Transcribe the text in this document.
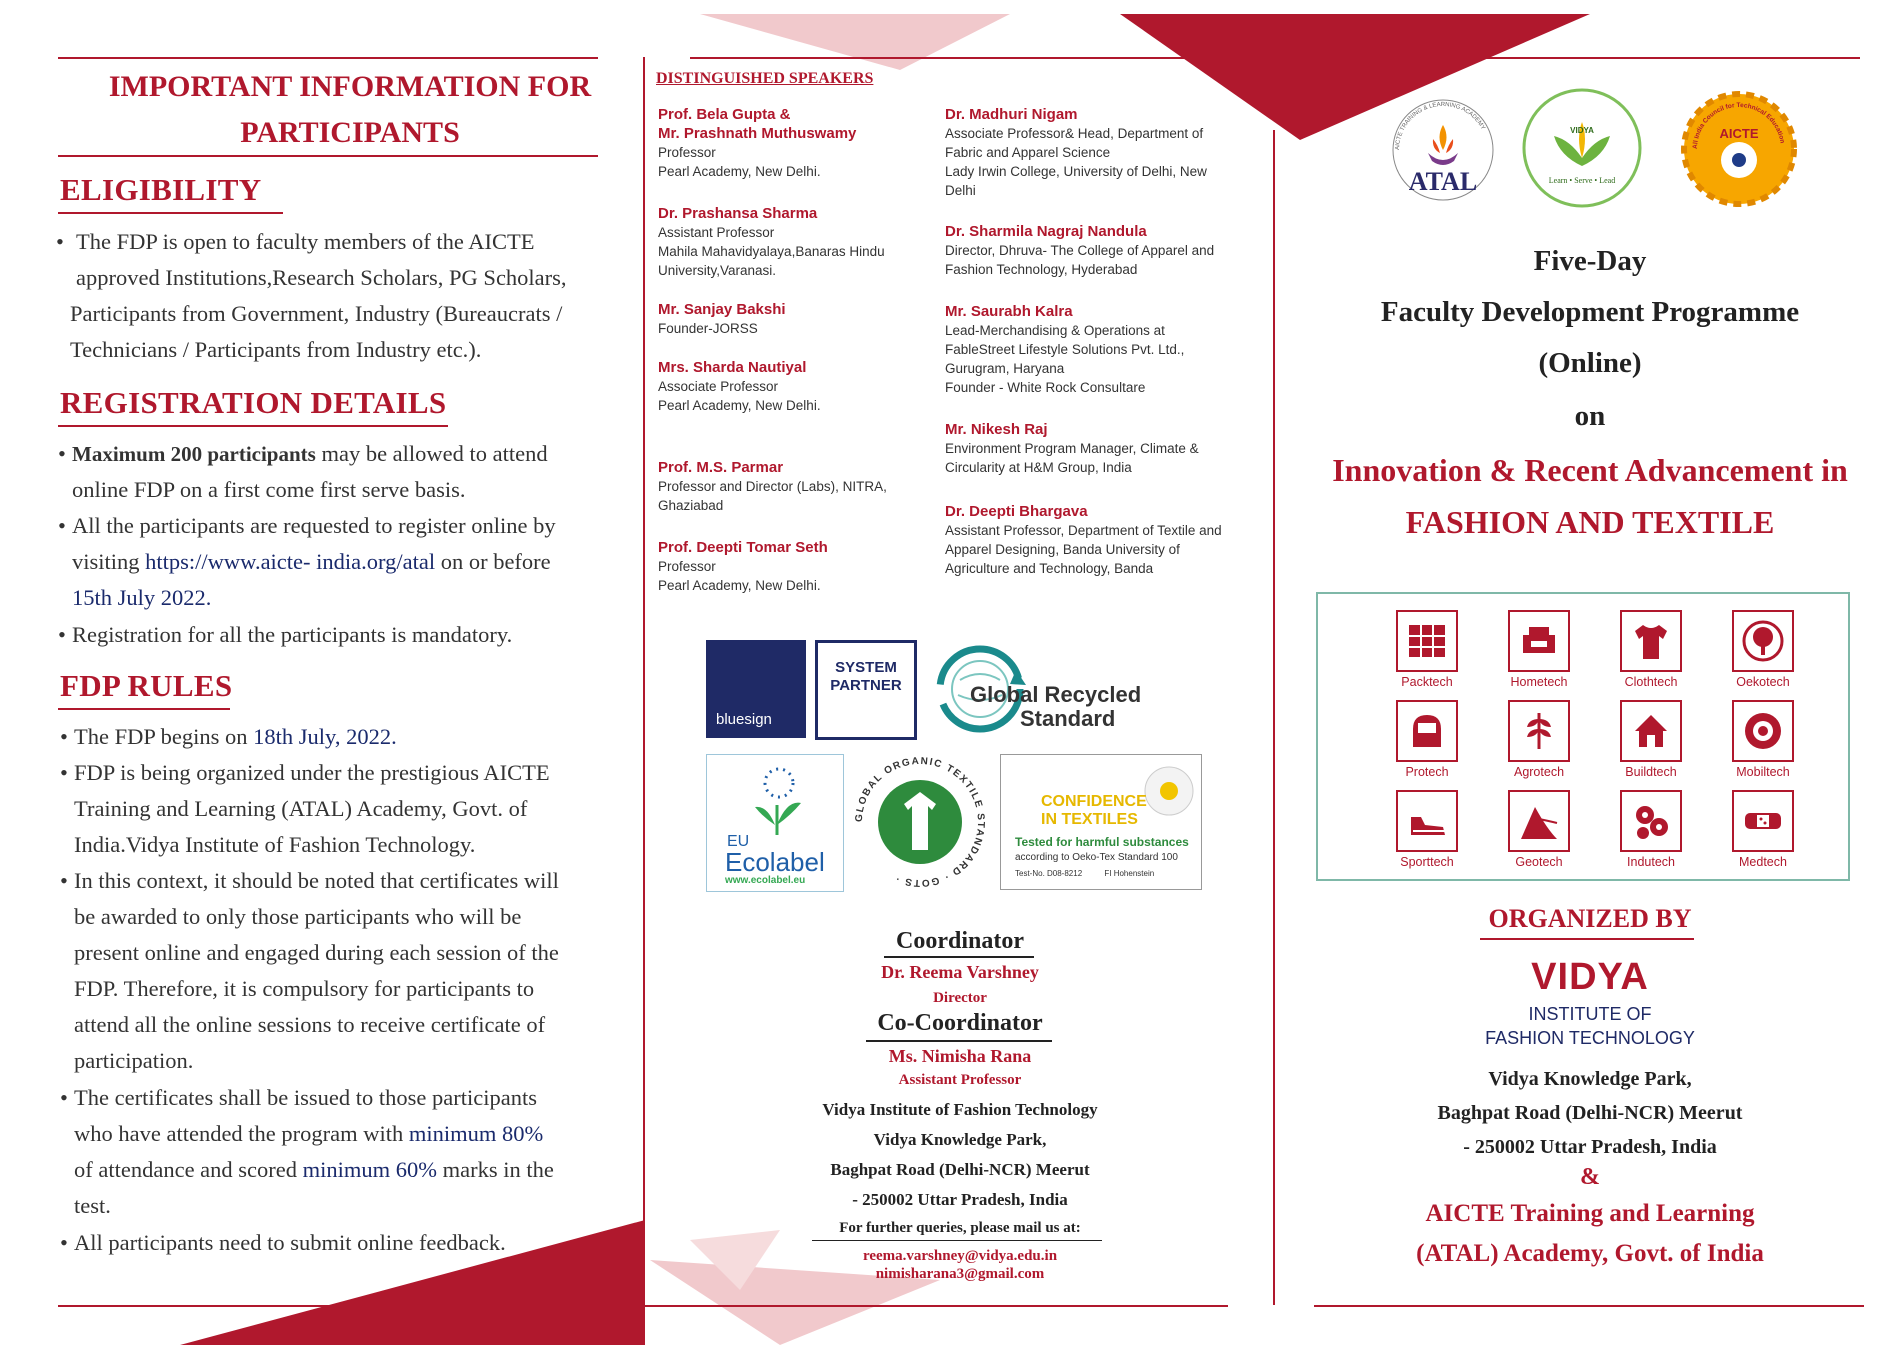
IMPORTANT INFORMATION FOR
PARTICIPANTS
ELIGIBILITY
• The FDP is open to faculty members of the AICTE
approved Institutions,Research Scholars, PG Scholars,
Participants from Government, Industry (Bureaucrats /
Technicians / Participants from Industry etc.).
REGISTRATION DETAILS
• Maximum 200 participants may be allowed to attend
online FDP on a first come first serve basis.
• All the participants are requested to register online by
visiting https://www.aicte- india.org/atal on or before
15th July 2022.
• Registration for all the participants is mandatory.
FDP RULES
• The FDP begins on 18th July, 2022.
• FDP is being organized under the prestigious AICTE
Training and Learning (ATAL) Academy, Govt. of
India.Vidya Institute of Fashion Technology.
• In this context, it should be noted that certificates will
be awarded to only those participants who will be
present online and engaged during each session of the
FDP. Therefore, it is compulsory for participants to
attend all the online sessions to receive certificate of
participation.
• The certificates shall be issued to those participants
who have attended the program with minimum 80%
of attendance and scored minimum 60% marks in the
test.
• All participants need to submit online feedback.
DISTINGUISHED SPEAKERS
Prof. Bela Gupta &
Mr. Prashnath Muthuswamy
Professor
Pearl Academy, New Delhi.
Dr. Prashansa Sharma
Assistant Professor
Mahila Mahavidyalaya,Banaras Hindu
University,Varanasi.
Mr. Sanjay Bakshi
Founder-JORSS
Mrs. Sharda Nautiyal
Associate Professor
Pearl Academy, New Delhi.
Prof. M.S. Parmar
Professor and Director (Labs), NITRA,
Ghaziabad
Prof. Deepti Tomar Seth
Professor
Pearl Academy, New Delhi.
Dr. Madhuri Nigam
Associate Professor& Head, Department of
Fabric and Apparel Science
Lady Irwin College, University of Delhi, New
Delhi
Dr. Sharmila Nagraj Nandula
Director, Dhruva- The College of Apparel and
Fashion Technology, Hyderabad
Mr. Saurabh Kalra
Lead-Merchandising & Operations at
FableStreet Lifestyle Solutions Pvt. Ltd.,
Gurugram, Haryana
Founder - White Rock Consultare
Mr. Nikesh Raj
Environment Program Manager, Climate &
Circularity at H&M Group, India
Dr. Deepti Bhargava
Assistant Professor, Department of Textile and
Apparel Designing, Banda University of
Agriculture and Technology, Banda
bluesign
SYSTEM
PARTNER	Global Recycled
Standard
EU
Ecolabel
www.ecolabel.eu
GLOBAL ORGANIC TEXTILE STANDARD · GOTS ·
CONFIDENCE
IN TEXTILES
Tested for harmful substances
according to Oeko-Tex Standard 100
Test-No. D08-8212          FI Hohenstein
Coordinator
Dr. Reema Varshney
Director
Co-Coordinator
Ms. Nimisha Rana
Assistant Professor
Vidya Institute of Fashion Technology
Vidya Knowledge Park,
Baghpat Road (Delhi-NCR) Meerut
- 250002 Uttar Pradesh, India
For further queries, please mail us at:
reema.varshney@vidya.edu.in
nimisharana3@gmail.com
AICTE TRAINING & LEARNING ACADEMY
ATAL
VIDYA
Learn • Serve • Lead
All India Council for Technical Education
AICTE
Five-Day
Faculty Development Programme
(Online)
on
Innovation & Recent Advancement in
FASHION AND TEXTILE
Packtech	Hometech	Clothtech	Oekotech
Protech	Agrotech	Buildtech	Mobiltech
Sporttech	Geotech	Indutech	Medtech
ORGANIZED BY
VIDYA
INSTITUTE OF
FASHION TECHNOLOGY
Vidya Knowledge Park,
Baghpat Road (Delhi-NCR) Meerut
- 250002 Uttar Pradesh, India
&
AICTE Training and Learning
(ATAL) Academy, Govt. of India
